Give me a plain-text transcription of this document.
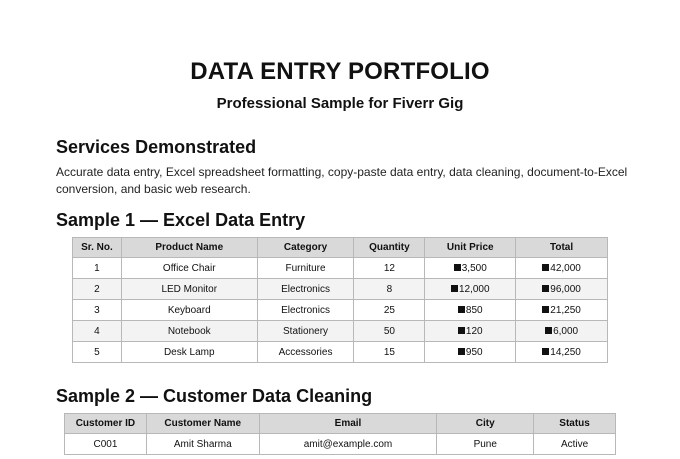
DATA ENTRY PORTFOLIO
Professional Sample for Fiverr Gig
Services Demonstrated
Accurate data entry, Excel spreadsheet formatting, copy-paste data entry, data cleaning, document-to-Excel conversion, and basic web research.
Sample 1 — Excel Data Entry
Sr. No.	Product Name	Category	Quantity	Unit Price	Total
1	Office Chair	Furniture	12	3,500	42,000
2	LED Monitor	Electronics	8	12,000	96,000
3	Keyboard	Electronics	25	850	21,250
4	Notebook	Stationery	50	120	6,000
5	Desk Lamp	Accessories	15	950	14,250
Sample 2 — Customer Data Cleaning
Customer ID	Customer Name	Email	City	Status
C001	Amit Sharma	amit@example.com	Pune	Active
